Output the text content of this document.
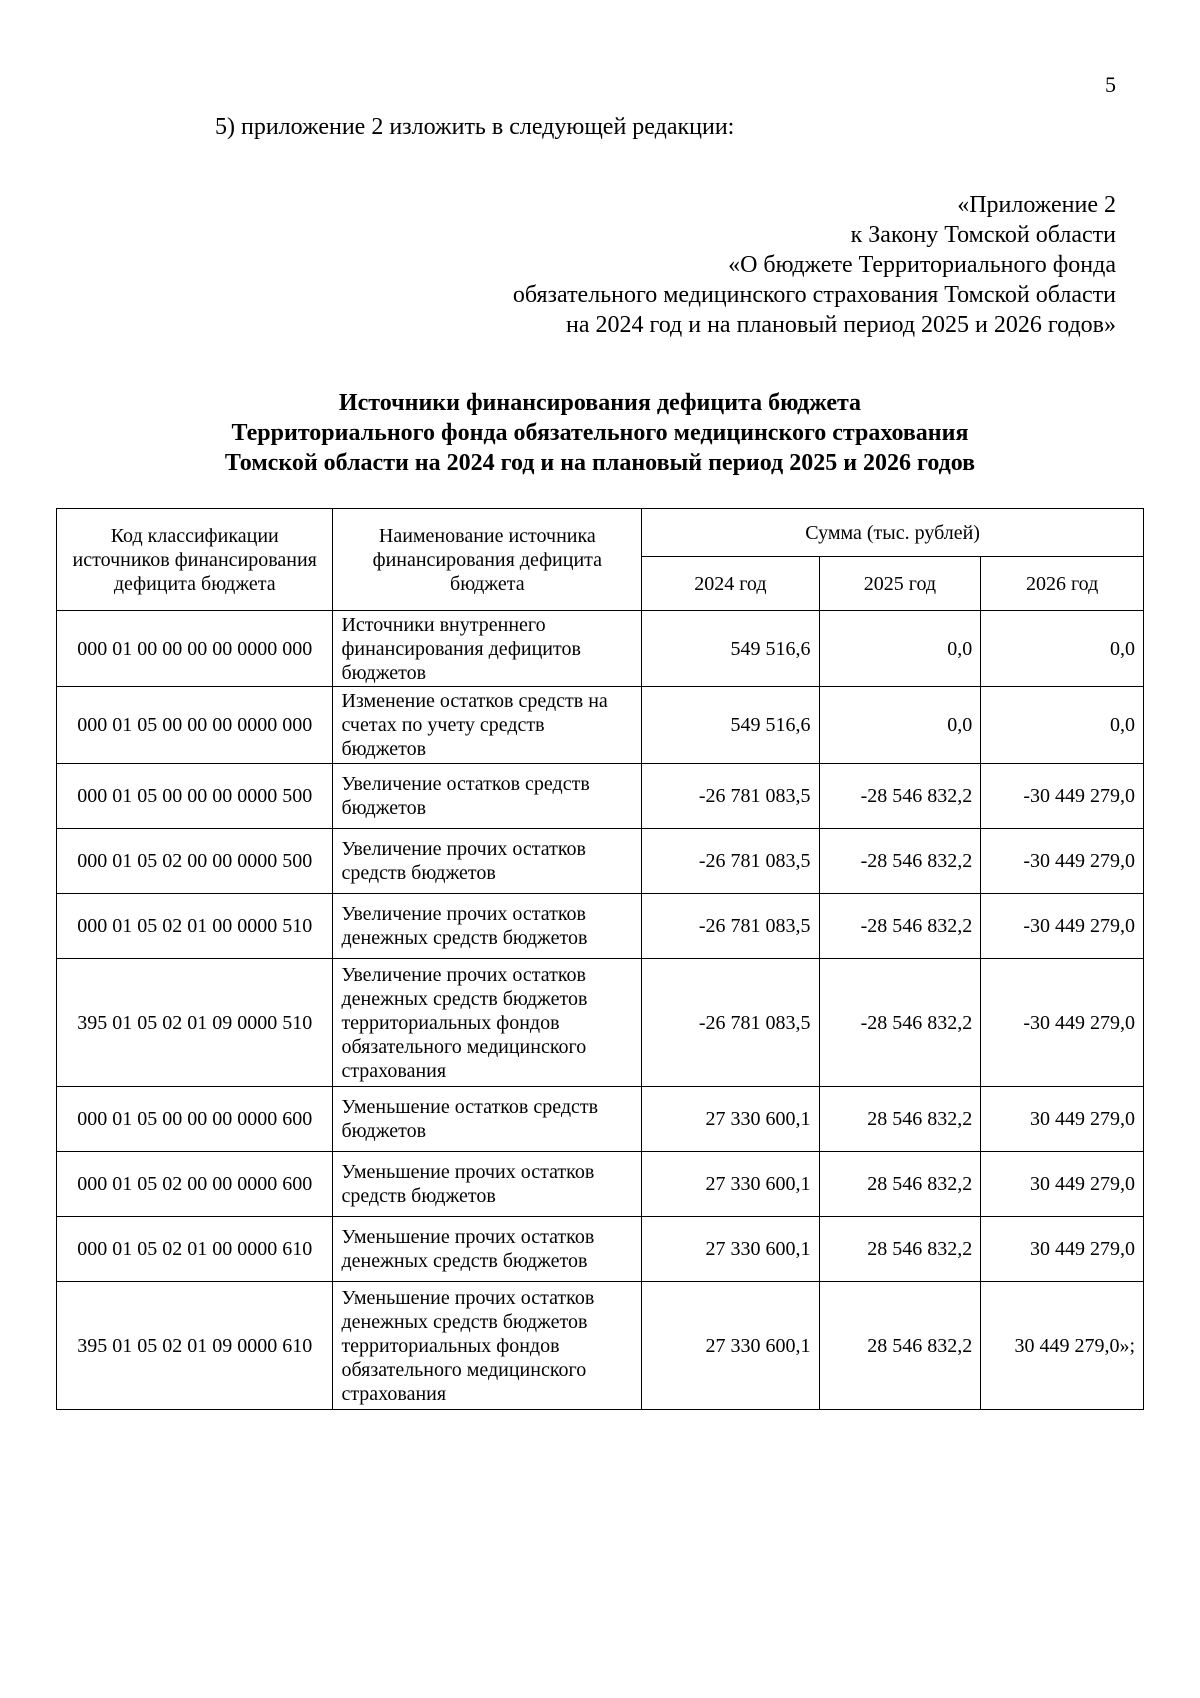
5
5) приложение 2 изложить в следующей редакции:
«Приложение 2
к Закону Томской области
«О бюджете Территориального фонда
обязательного медицинского страхования Томской области
на 2024 год и на плановый период 2025 и 2026 годов»
Источники финансирования дефицита бюджета
Территориального фонда обязательного медицинского страхования
Томской области на 2024 год и на плановый период 2025 и 2026 годов
Код классификации источников финансирования дефицита бюджета	Наименование источника финансирования дефицита бюджета	Сумма (тыс. рублей)		
		2024 год	2025 год	2026 год
000 01 00 00 00 00 0000 000	Источники внутреннего финансирования дефицитов бюджетов	549 516,6	0,0	0,0
000 01 05 00 00 00 0000 000	Изменение остатков средств на счетах по учету средств бюджетов	549 516,6	0,0	0,0
000 01 05 00 00 00 0000 500	Увеличение остатков средств бюджетов	-26 781 083,5	-28 546 832,2	-30 449 279,0
000 01 05 02 00 00 0000 500	Увеличение прочих остатков средств бюджетов	-26 781 083,5	-28 546 832,2	-30 449 279,0
000 01 05 02 01 00 0000 510	Увеличение прочих остатков денежных средств бюджетов	-26 781 083,5	-28 546 832,2	-30 449 279,0
395 01 05 02 01 09 0000 510	Увеличение прочих остатков денежных средств бюджетов территориальных фондов обязательного медицинского страхования	-26 781 083,5	-28 546 832,2	-30 449 279,0
000 01 05 00 00 00 0000 600	Уменьшение остатков средств бюджетов	27 330 600,1	28 546 832,2	30 449 279,0
000 01 05 02 00 00 0000 600	Уменьшение прочих остатков средств бюджетов	27 330 600,1	28 546 832,2	30 449 279,0
000 01 05 02 01 00 0000 610	Уменьшение прочих остатков денежных средств бюджетов	27 330 600,1	28 546 832,2	30 449 279,0
395 01 05 02 01 09 0000 610	Уменьшение прочих остатков денежных средств бюджетов территориальных фондов обязательного медицинского страхования	27 330 600,1	28 546 832,2	30 449 279,0»;
